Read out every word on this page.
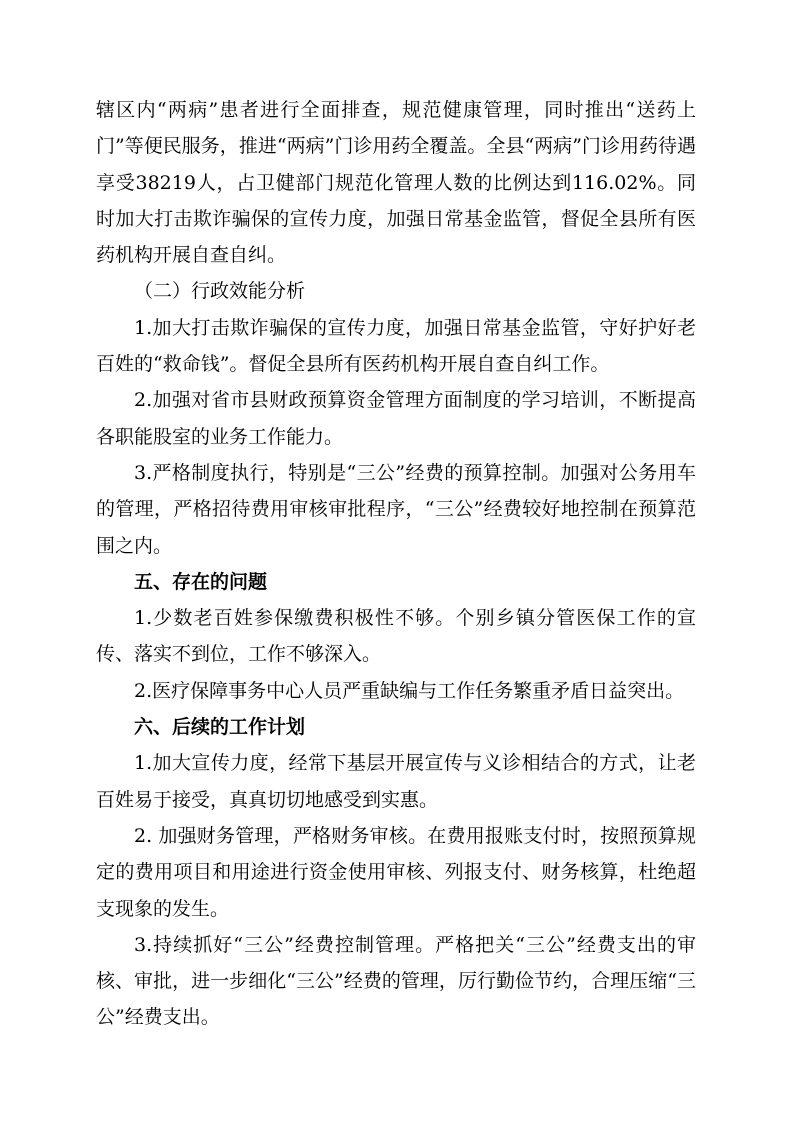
辖区内“两病”患者进行全面排查，规范健康管理，同时推出“送药上门”等便民服务，推进“两病”门诊用药全覆盖。全县“两病”门诊用药待遇享受38219人，占卫健部门规范化管理人数的比例达到116.02%。同时加大打击欺诈骗保的宣传力度，加强日常基金监管，督促全县所有医药机构开展自查自纠。

（二）行政效能分析

1.加大打击欺诈骗保的宣传力度，加强日常基金监管，守好护好老百姓的“救命钱”。督促全县所有医药机构开展自查自纠工作。

2.加强对省市县财政预算资金管理方面制度的学习培训，不断提高各职能股室的业务工作能力。

3.严格制度执行，特别是“三公”经费的预算控制。加强对公务用车的管理，严格招待费用审核审批程序，“三公”经费较好地控制在预算范围之内。

五、存在的问题

1.少数老百姓参保缴费积极性不够。个别乡镇分管医保工作的宣传、落实不到位，工作不够深入。

2.医疗保障事务中心人员严重缺编与工作任务繁重矛盾日益突出。

六、后续的工作计划

1.加大宣传力度，经常下基层开展宣传与义诊相结合的方式，让老百姓易于接受，真真切切地感受到实惠。

2. 加强财务管理，严格财务审核。在费用报账支付时，按照预算规定的费用项目和用途进行资金使用审核、列报支付、财务核算，杜绝超支现象的发生。

3.持续抓好“三公”经费控制管理。严格把关“三公”经费支出的审核、审批，进一步细化“三公”经费的管理，厉行勤俭节约，合理压缩“三公”经费支出。
